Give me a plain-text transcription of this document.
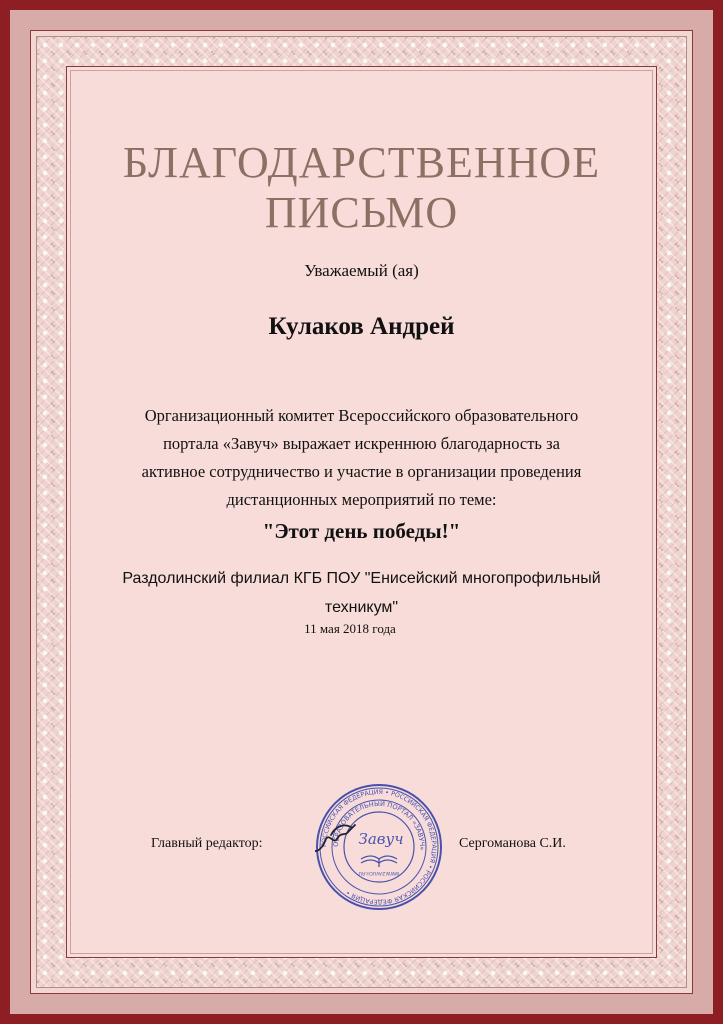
БЛАГОДАРСТВЕННОЕ
ПИСЬМО
Уважаемый (ая)
Кулаков Андрей
Организационный комитет Всероссийского образовательного
портала «Завуч» выражает искреннюю благодарность за
активное сотрудничество и участие в организации проведения
дистанционных мероприятий по теме:
"Этот день победы!"
Раздолинский филиал КГБ ПОУ "Енисейский многопрофильный
техникум"
11 мая 2018 года
Главный редактор:	Сергоманова С.И.
РОССИЙСКАЯ ФЕДЕРАЦИЯ • РОССИЙСКАЯ ФЕДЕРАЦИЯ • РОССИЙСКАЯ ФЕДЕРАЦИЯ •
ОБРАЗОВАТЕЛЬНЫЙ ПОРТАЛ «ЗАВУЧ»
Завуч
WWW.ZAVUCH.RU
